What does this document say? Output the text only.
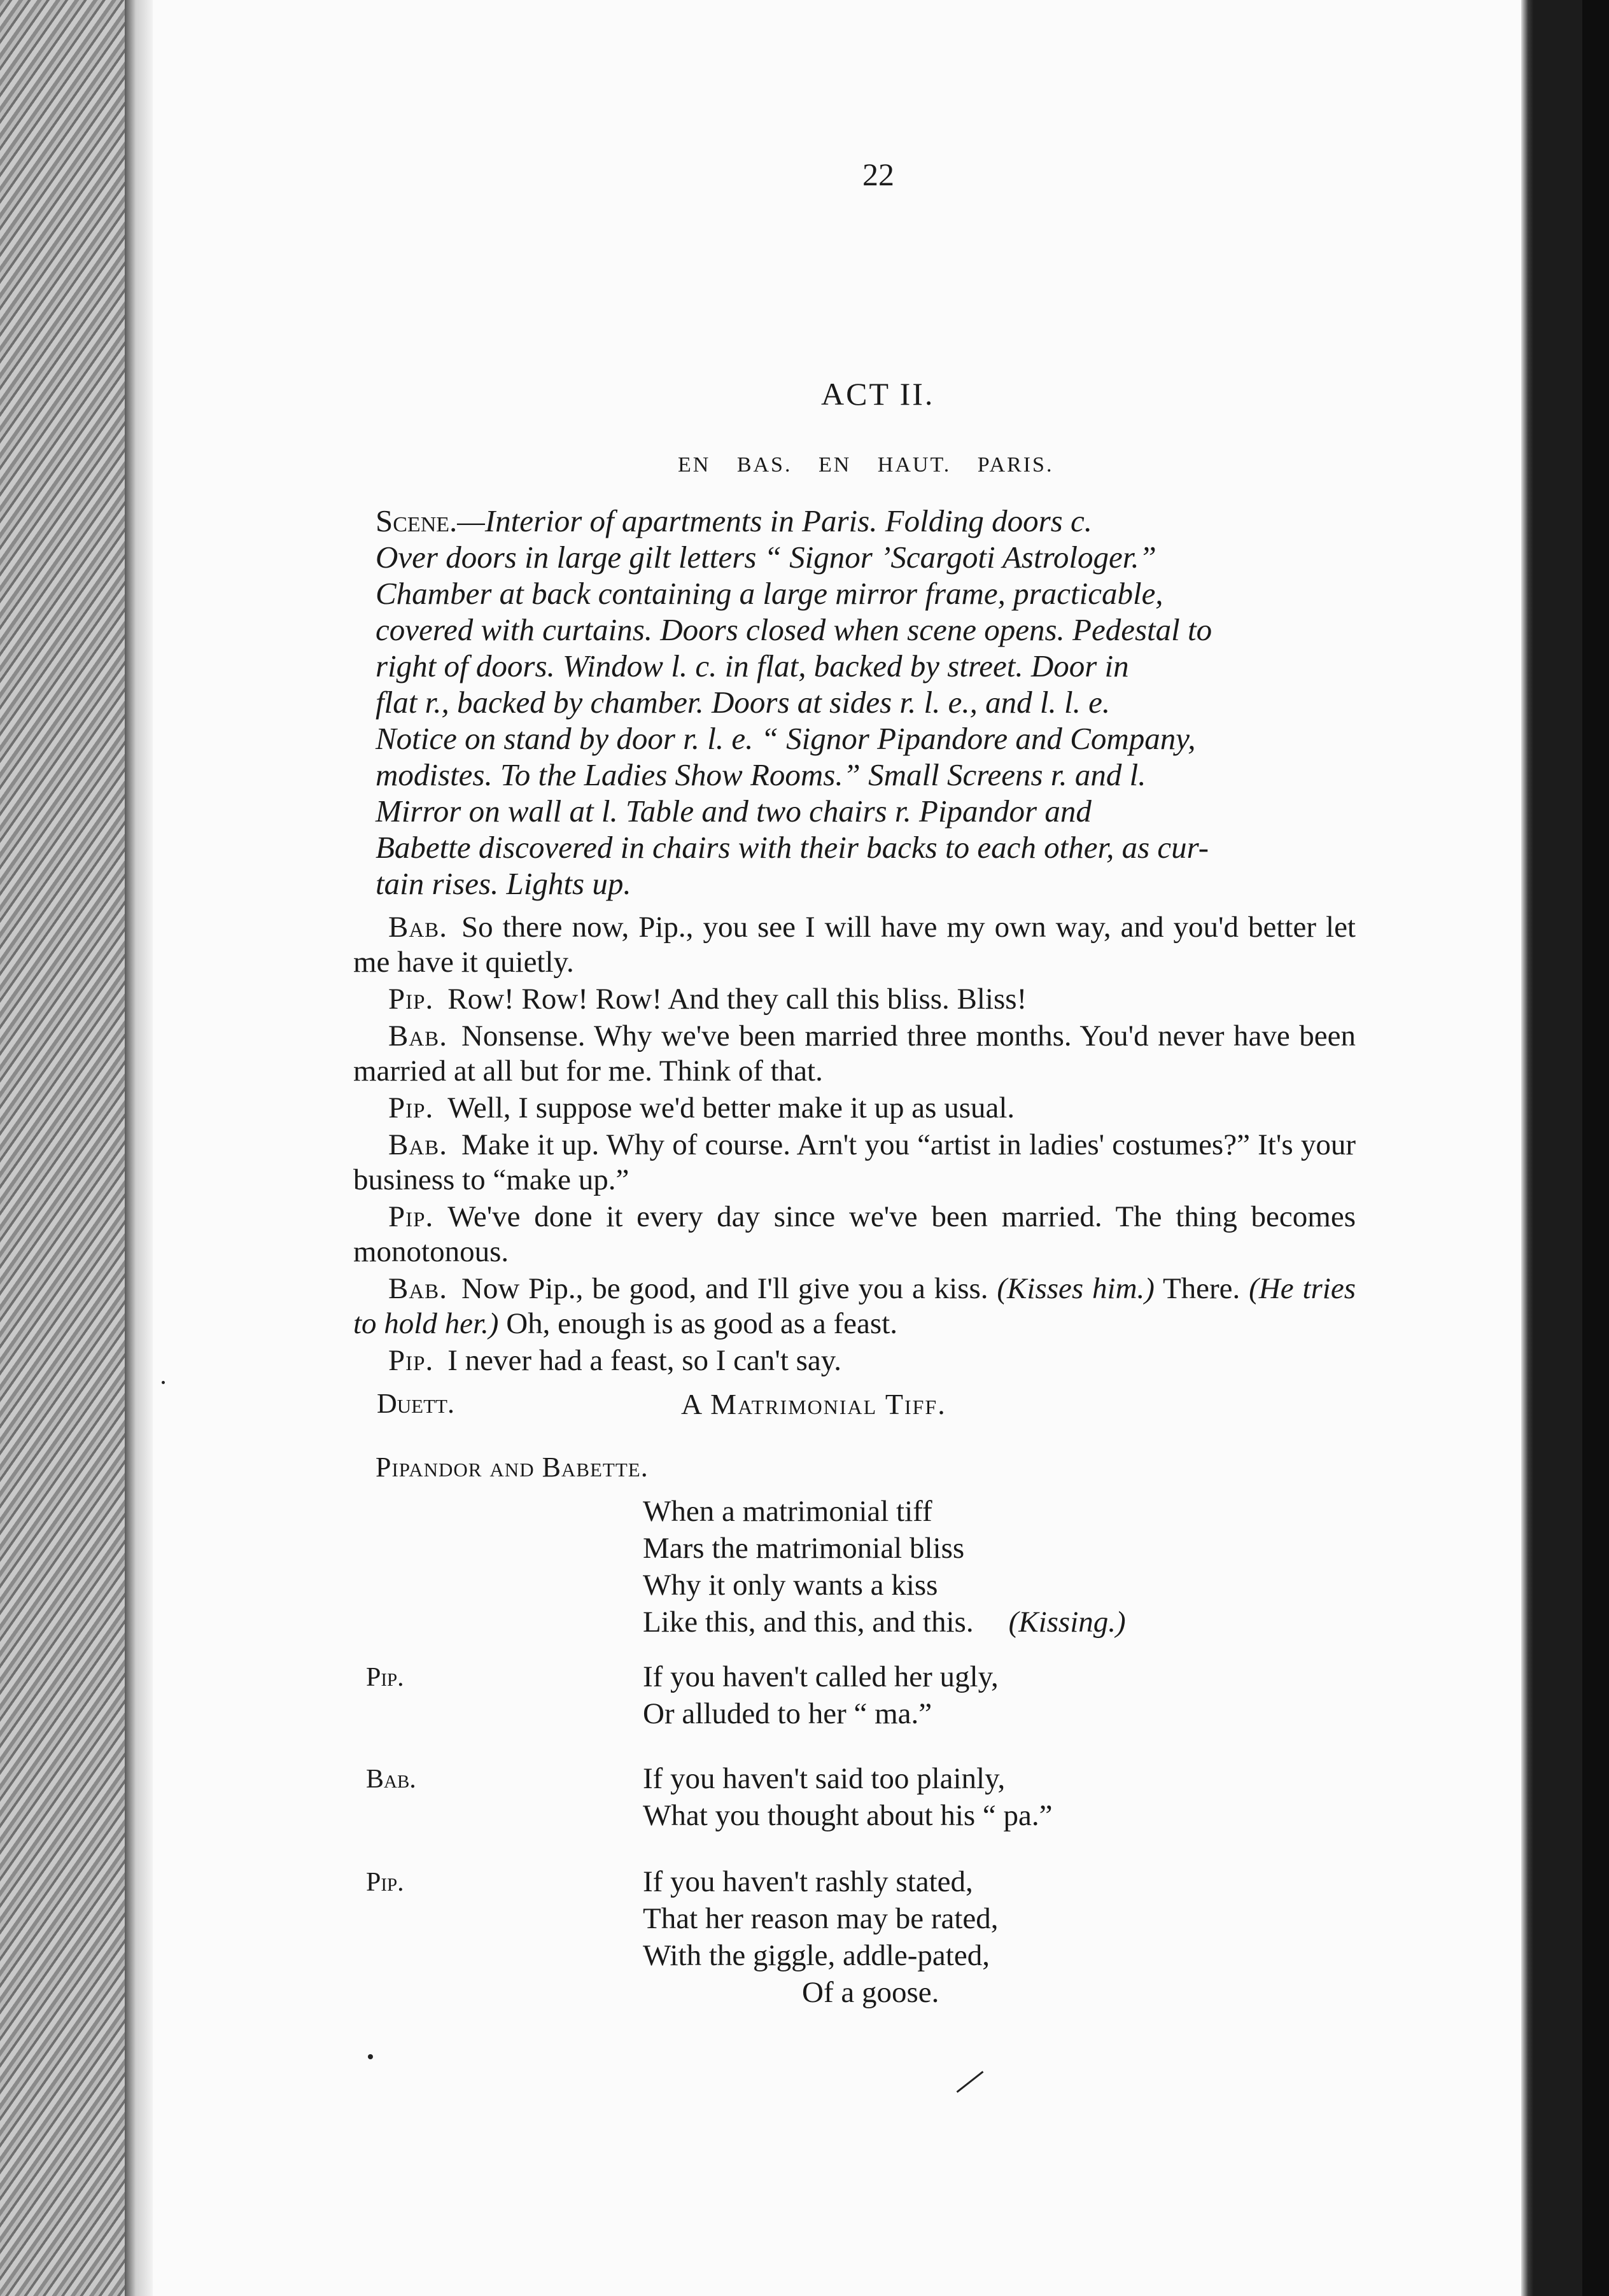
22
ACT II.
EN BAS. EN HAUT. PARIS.
Scene.—Interior of apartments in Paris. Folding doors c.
Over doors in large gilt letters “ Signor ’Scargoti Astrologer.”
Chamber at back containing a large mirror frame, practicable,
covered with curtains. Doors closed when scene opens. Pedestal to
right of doors. Window l. c. in flat, backed by street. Door in
flat r., backed by chamber. Doors at sides r. l. e., and l. l. e.
Notice on stand by door r. l. e. “ Signor Pipandore and Company,
modistes. To the Ladies Show Rooms.” Small Screens r. and l.
Mirror on wall at l. Table and two chairs r. Pipandor and
Babette discovered in chairs with their backs to each other, as cur-
tain rises. Lights up.

Bab. So there now, Pip., you see I will have my own way, and you'd better let me have it quietly.

Pip. Row! Row! Row! And they call this bliss. Bliss!

Bab. Nonsense. Why we've been married three months. You'd never have been married at all but for me. Think of that.

Pip. Well, I suppose we'd better make it up as usual.

Bab. Make it up. Why of course. Arn't you “artist in ladies' costumes?” It's your business to “make up.”

Pip. We've done it every day since we've been married. The thing becomes monotonous.

Bab. Now Pip., be good, and I'll give you a kiss. (Kisses him.) There. (He tries to hold her.) Oh, enough is as good as a feast.

Pip. I never had a feast, so I can't say.

Duett.	A Matrimonial Tiff.
Pipandor and Babette.
When a matrimonial tiff
Mars the matrimonial bliss
Why it only wants a kiss
Like this, and this, and this. (Kissing.)
Pip.	If you haven't called her ugly,
Or alluded to her “ ma.”
Bab.	If you haven't said too plainly,
What you thought about his “ pa.”
Pip.	If you haven't rashly stated,
That her reason may be rated,
With the giggle, addle-pated,
Of a goose.
